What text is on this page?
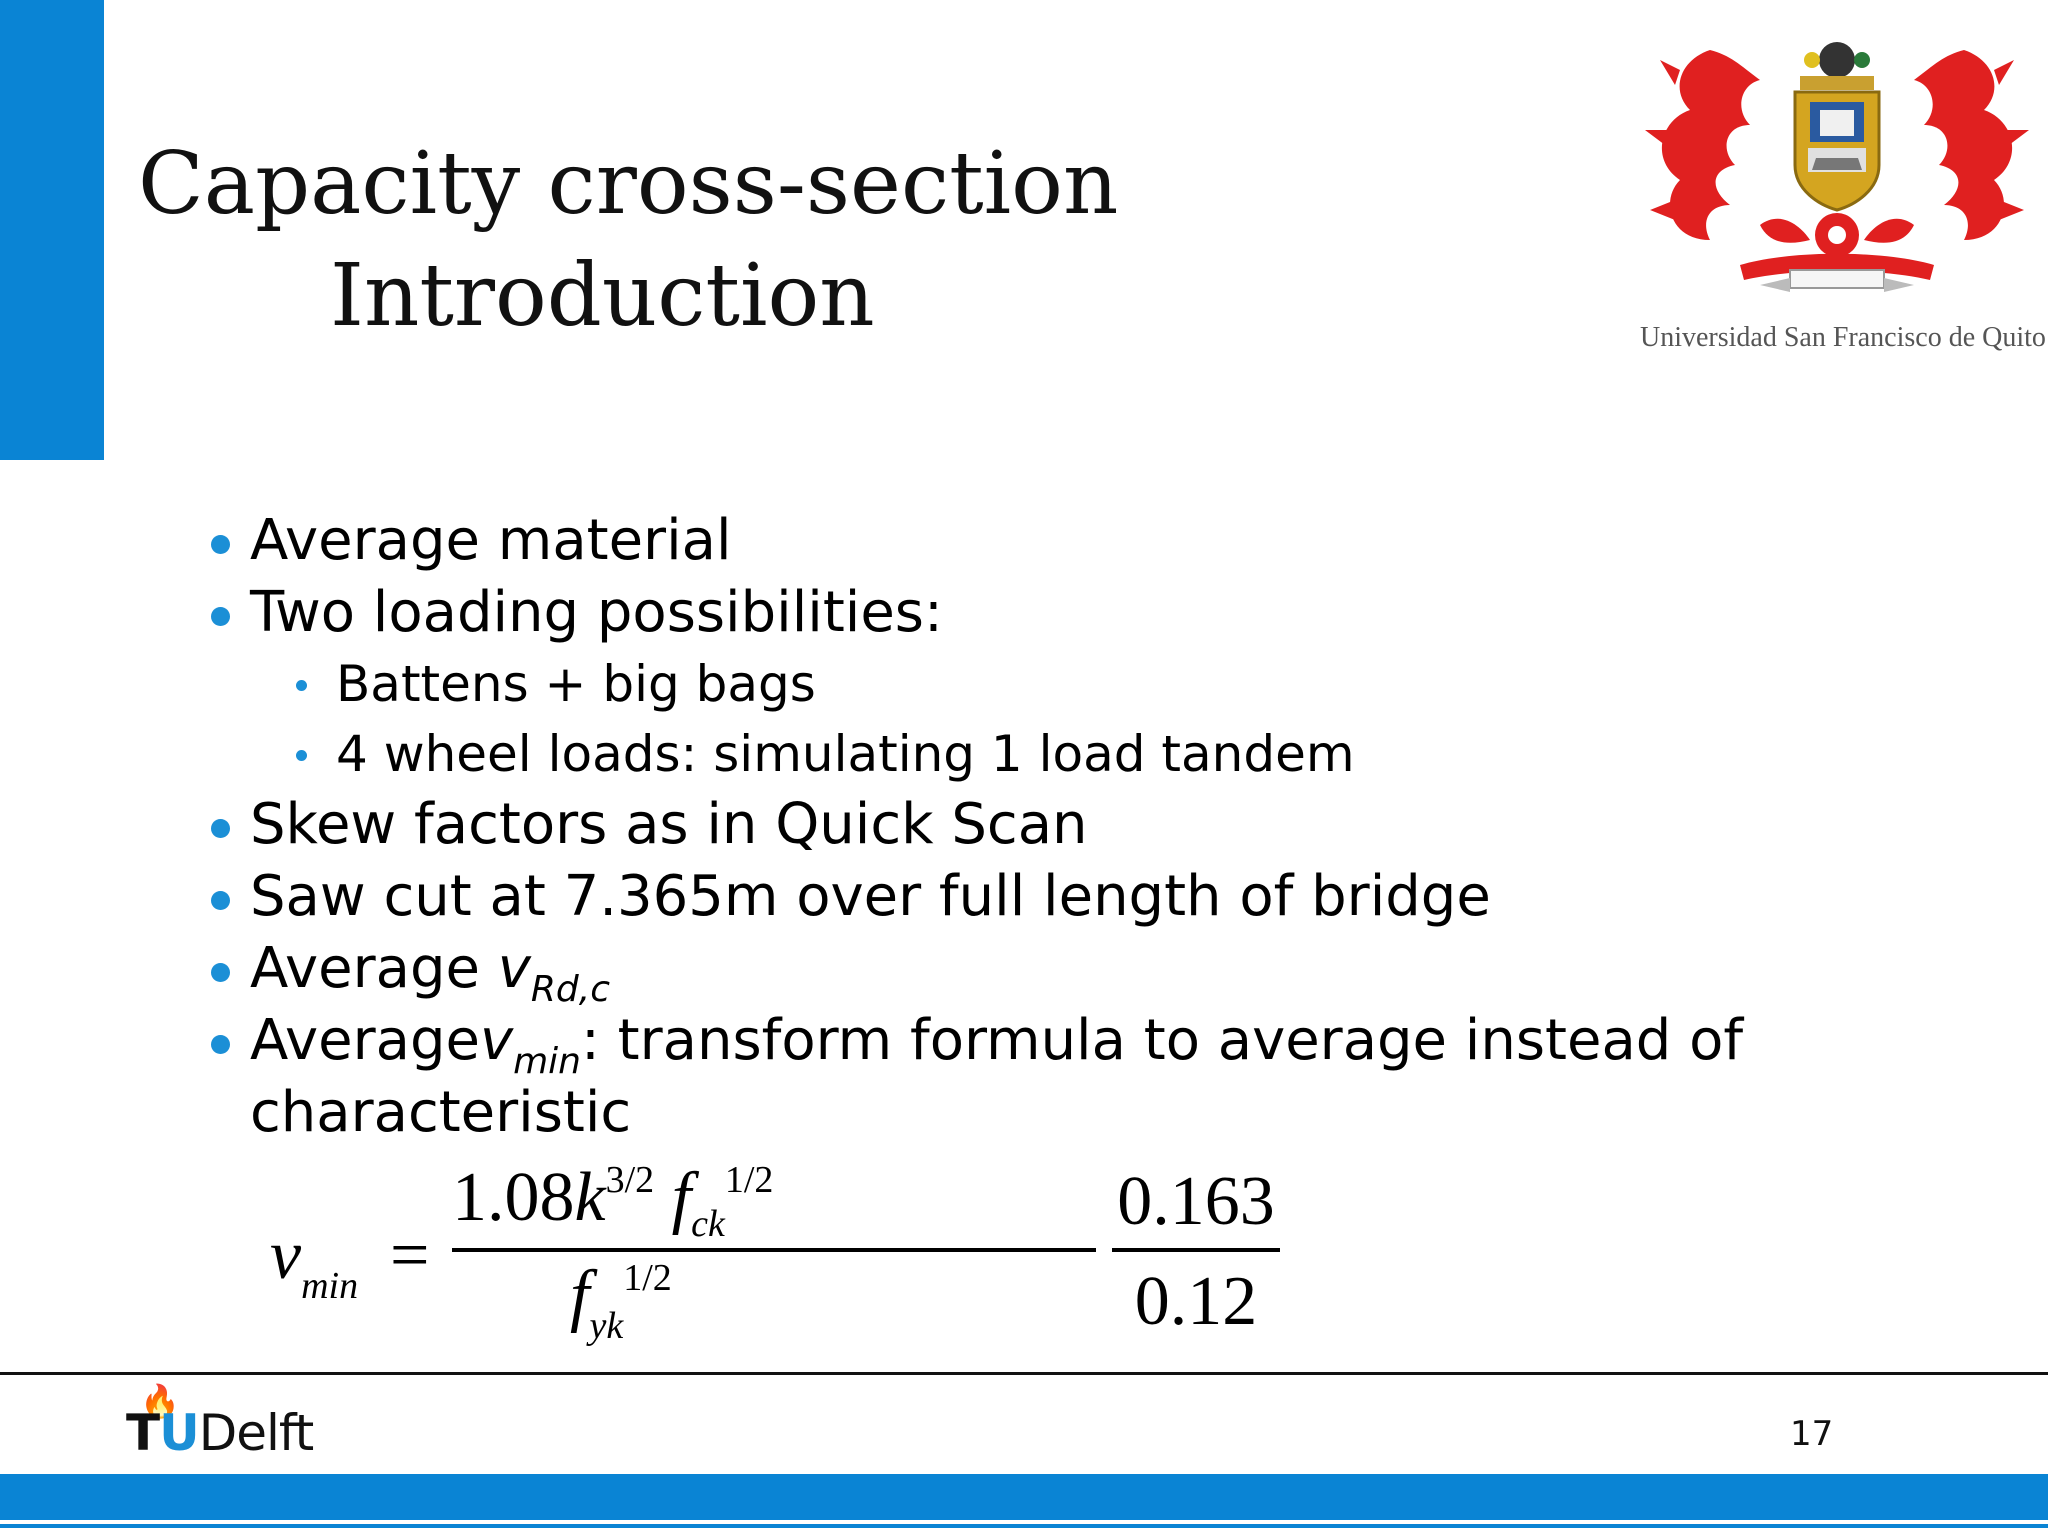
Capacity cross-section
Introduction	Universidad San Francisco de Quito
Average material
Two loading possibilities:
Battens + big bags
4 wheel loads: simulating 1 load tandem
Skew factors as in Quick Scan
Saw cut at 7.365m over full length of bridge
Average $v_{Rd,c}$
Averagev$_{min}$: transform formula to average instead of
characteristic
$v_{min}$ =
$1.08k^{3/2}$ $f_{ck}^{1/2}$
$f_{yk}^{1/2}$
0.163
0.12
🔥
TUDelft	17
